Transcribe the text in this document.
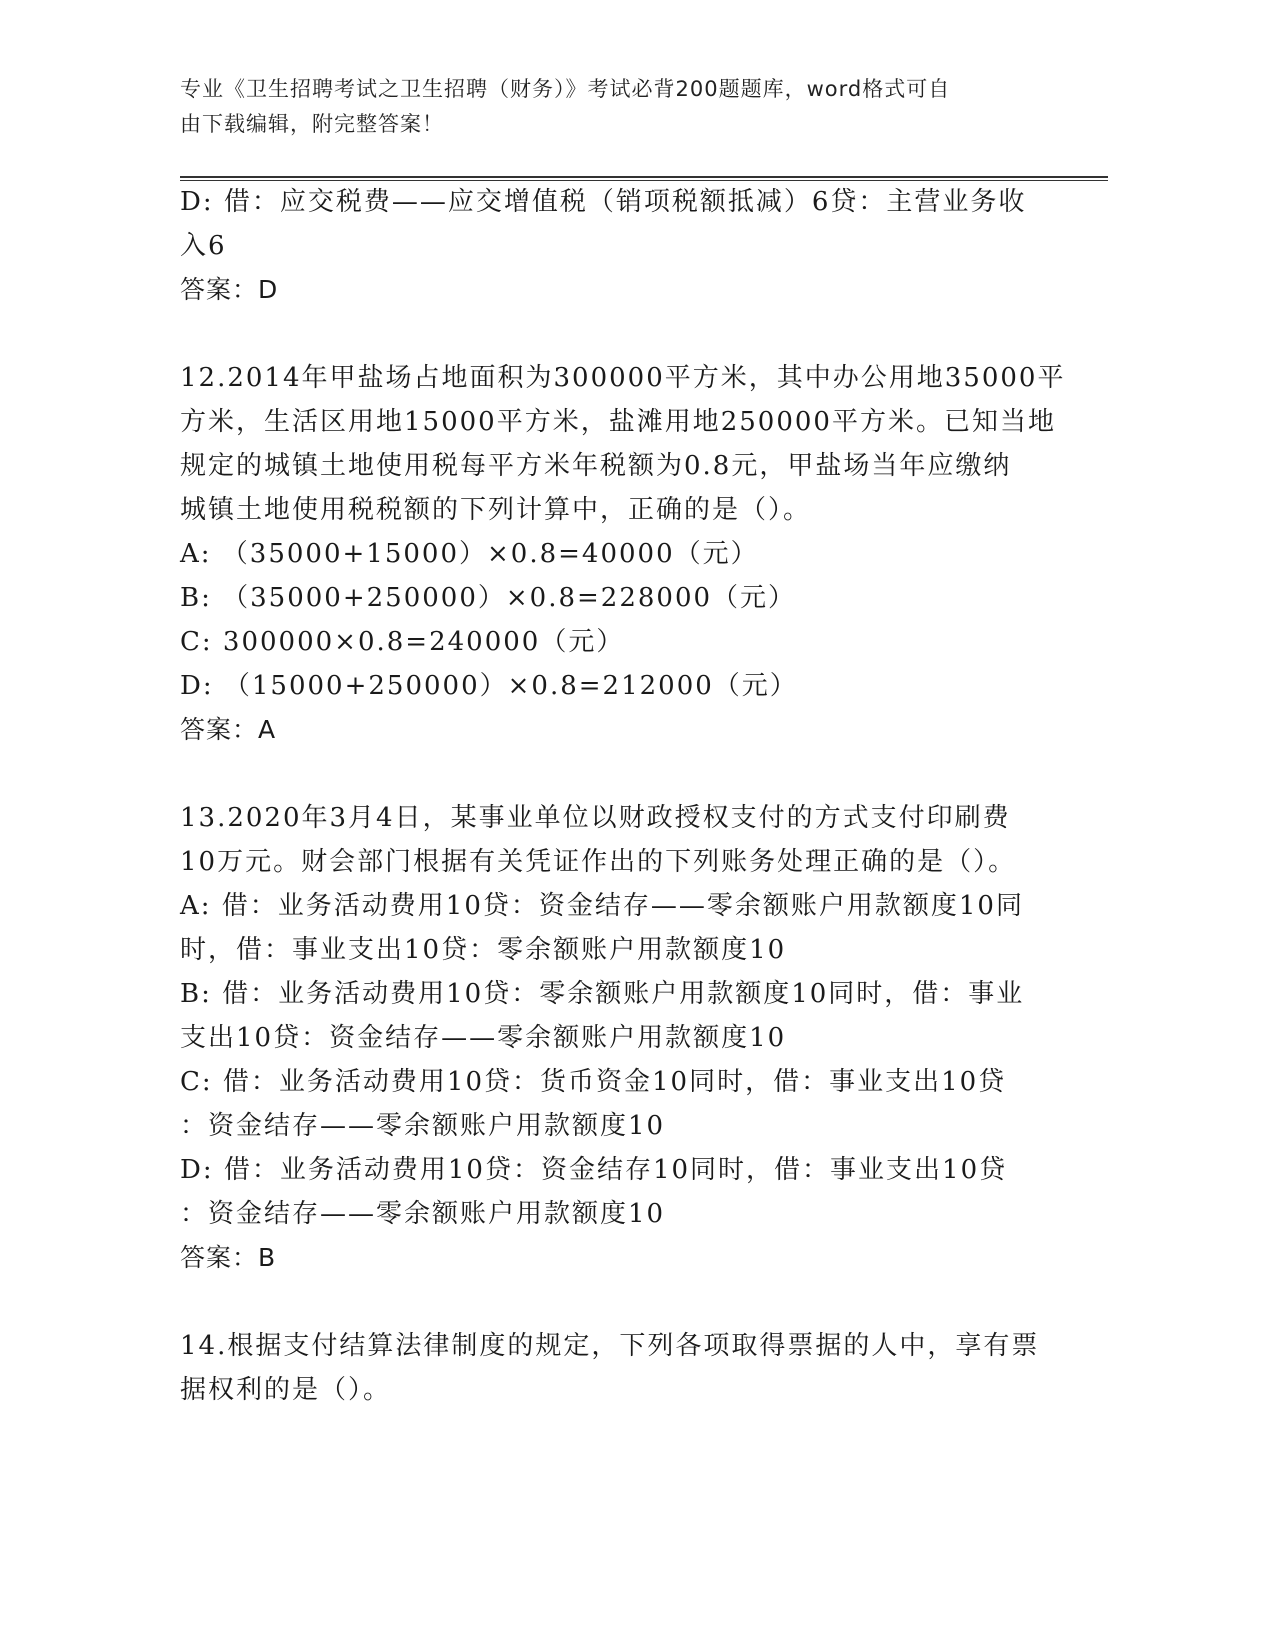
专业《卫生招聘考试之卫生招聘（财务）》考试必背200题题库，word格式可自
由下载编辑，附完整答案！
D: 借：应交税费——应交增值税（销项税额抵减）6贷：主营业务收
入6
答案：D
12.2014年甲盐场占地面积为300000平方米，其中办公用地35000平
方米，生活区用地15000平方米，盐滩用地250000平方米。已知当地
规定的城镇土地使用税每平方米年税额为0.8元，甲盐场当年应缴纳
城镇土地使用税税额的下列计算中，正确的是（）。
A: （35000+15000）×0.8=40000（元）
B: （35000+250000）×0.8=228000（元）
C: 300000×0.8=240000（元）
D: （15000+250000）×0.8=212000（元）
答案：A
13.2020年3月4日，某事业单位以财政授权支付的方式支付印刷费
10万元。财会部门根据有关凭证作出的下列账务处理正确的是（）。
A: 借：业务活动费用10贷：资金结存——零余额账户用款额度10同
时，借：事业支出10贷：零余额账户用款额度10
B: 借：业务活动费用10贷：零余额账户用款额度10同时，借：事业
支出10贷：资金结存——零余额账户用款额度10
C: 借：业务活动费用10贷：货币资金10同时，借：事业支出10贷
：资金结存——零余额账户用款额度10
D: 借：业务活动费用10贷：资金结存10同时，借：事业支出10贷
：资金结存——零余额账户用款额度10
答案：B
14.根据支付结算法律制度的规定，下列各项取得票据的人中，享有票
据权利的是（）。
